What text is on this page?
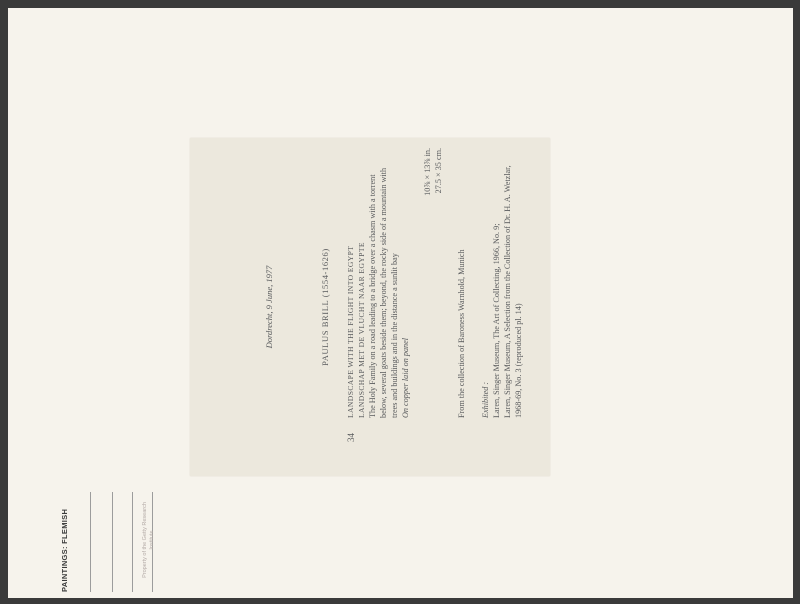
Dordrecht, 9 June, 1977	PAULUS BRILL (1554-1626)
34
LANDSCAPE WITH THE FLIGHT INTO EGYPT LANDSCHAP MET DE VLUCHT NAAR EGYPTE The Holy Family on a road leading to a bridge over a chasm with a torrent below, several goats beside them; beyond, the rocky side of a mountain with trees and buildings and in the distance a sunlit bay On copper laid on panel
10⅞ × 13⅞ in. 27.5 × 35 cm.
From the collection of Baroness Warnhold, Munich Exhibited : Laren, Singer Museum, The Art of Collecting, 1966, No. 9; Laren, Singer Museum, A Selection from the Collection of Dr. H. A. Wetzlar, 1968-69, No. 3 (reproduced pl. 14)
PAINTINGS: FLEMISH	Property of the Getty Research Institute
